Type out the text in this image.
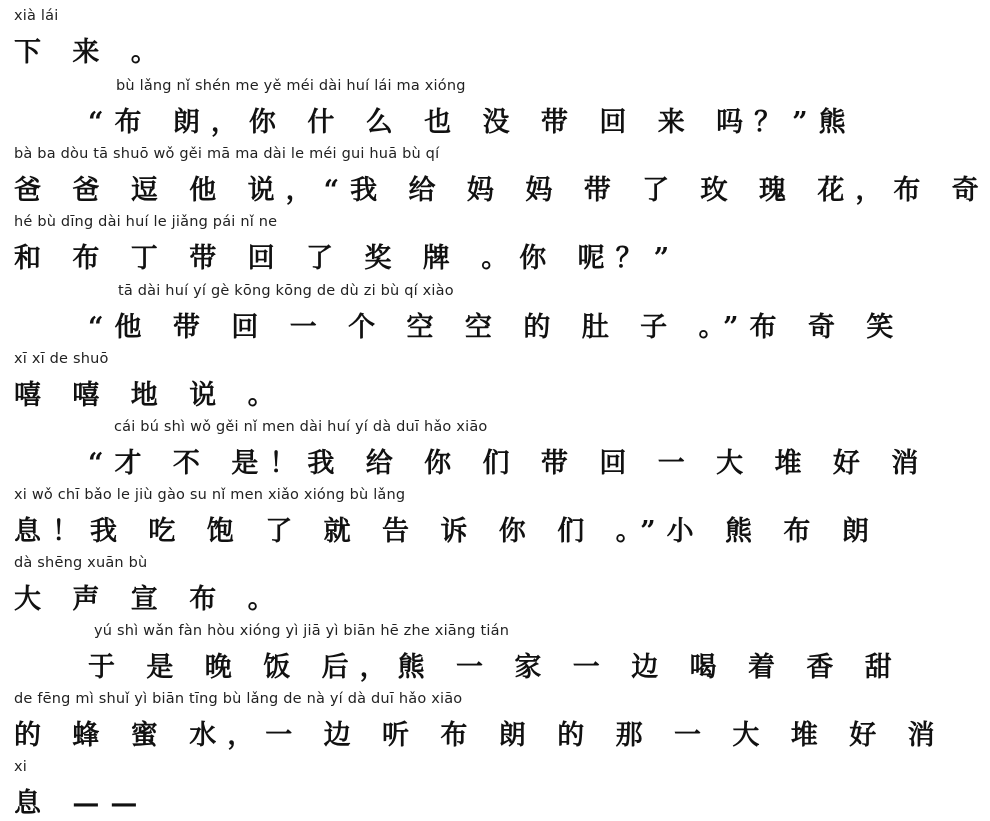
xià lái
下 来 。
bù lǎng nǐ shén me yě méi dài huí lái ma xióng
“布 朗，你 什 么 也 没 带 回 来 吗？”熊
bà ba dòu tā shuō wǒ gěi mā ma dài le méi gui huā bù qí
爸 爸 逗 他 说，“我 给 妈 妈 带 了 玫 瑰 花，布 奇
hé bù dīng dài huí le jiǎng pái nǐ ne
和 布 丁 带 回 了 奖 牌 。你 呢？”
tā dài huí yí gè kōng kōng de dù zi bù qí xiào
“他 带 回 一 个 空 空 的 肚 子 。”布 奇 笑
xī xī de shuō
嘻 嘻 地 说 。
cái bú shì wǒ gěi nǐ men dài huí yí dà duī hǎo xiāo
“才 不 是！我 给 你 们 带 回 一 大 堆 好 消
xi wǒ chī bǎo le jiù gào su nǐ men xiǎo xióng bù lǎng
息！我 吃 饱 了 就 告 诉 你 们 。”小 熊 布 朗
dà shēng xuān bù
大 声 宣 布 。
yú shì wǎn fàn hòu xióng yì jiā yì biān hē zhe xiāng tián
于 是 晚 饭 后，熊 一 家 一 边 喝 着 香 甜
de fēng mì shuǐ yì biān tīng bù lǎng de nà yí dà duī hǎo xiāo
的 蜂 蜜 水，一 边 听 布 朗 的 那 一 大 堆 好 消
xi
息 ——
